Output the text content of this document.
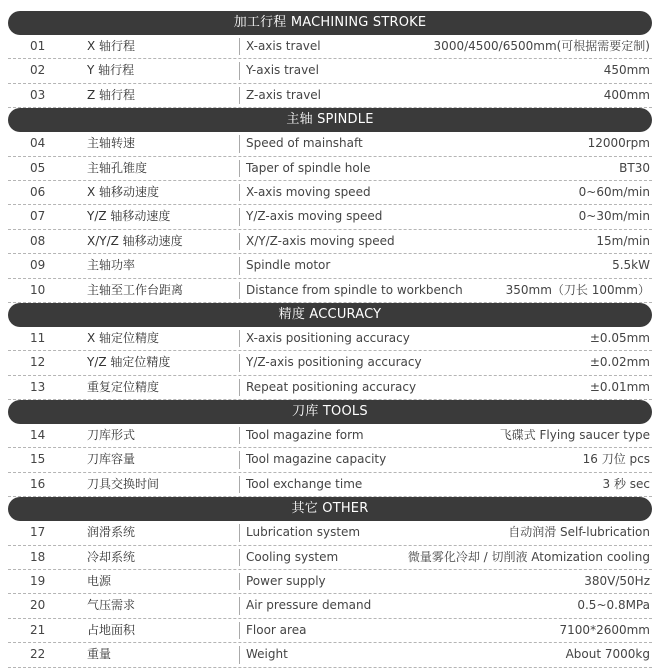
加工行程 MACHINING STROKE
01	X 轴行程	X-axis travel	3000/4500/6500mm(可根据需要定制)
02	Y 轴行程	Y-axis travel	450mm
03	Z 轴行程	Z-axis travel	400mm
主轴 SPINDLE
04	主轴转速	Speed of mainshaft	12000rpm
05	主轴孔锥度	Taper of spindle hole	BT30
06	X 轴移动速度	X-axis moving speed	0~60m/min
07	Y/Z 轴移动速度	Y/Z-axis moving speed	0~30m/min
08	X/Y/Z 轴移动速度	X/Y/Z-axis moving speed	15m/min
09	主轴功率	Spindle motor	5.5kW
10	主轴至工作台距离	Distance from spindle to workbench	350mm（刀长 100mm）
精度 ACCURACY
11	X 轴定位精度	X-axis positioning accuracy	±0.05mm
12	Y/Z 轴定位精度	Y/Z-axis positioning accuracy	±0.02mm
13	重复定位精度	Repeat positioning accuracy	±0.01mm
刀库 TOOLS
14	刀库形式	Tool magazine form	飞碟式 Flying saucer type
15	刀库容量	Tool magazine capacity	16 刀位 pcs
16	刀具交换时间	Tool exchange time	3 秒 sec
其它 OTHER
17	润滑系统	Lubrication system	自动润滑 Self-lubrication
18	冷却系统	Cooling system	微量雾化冷却 / 切削液 Atomization cooling
19	电源	Power supply	380V/50Hz
20	气压需求	Air pressure demand	0.5~0.8MPa
21	占地面积	Floor area	7100*2600mm
22	重量	Weight	About 7000kg
